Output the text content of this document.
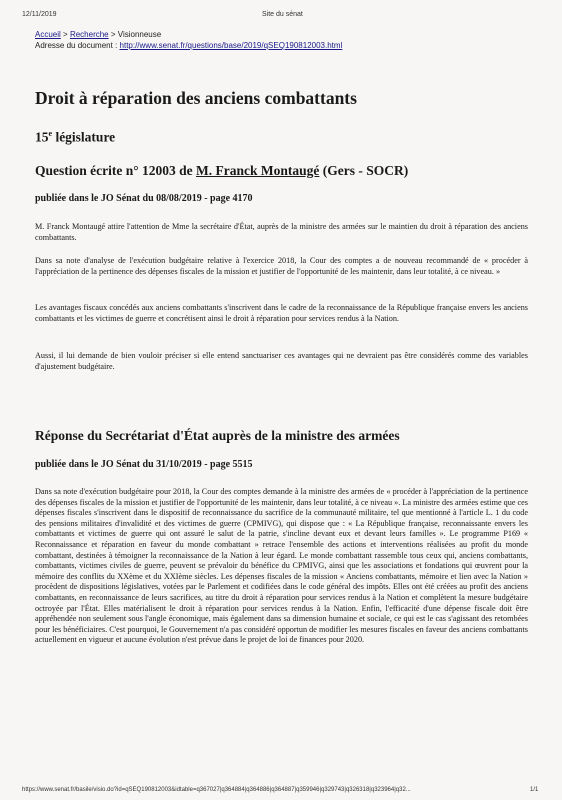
12/11/2019	Site du sénat
Accueil > Recherche > Visionneuse
Adresse du document : http://www.senat.fr/questions/base/2019/qSEQ190812003.html
Droit à réparation des anciens combattants
15e législature
Question écrite n° 12003 de M. Franck Montaugé (Gers - SOCR)
publiée dans le JO Sénat du 08/08/2019 - page 4170

M. Franck Montaugé attire l'attention de Mme la secrétaire d'État, auprès de la ministre des armées sur le maintien du droit à réparation des anciens combattants.

Dans sa note d'analyse de l'exécution budgétaire relative à l'exercice 2018, la Cour des comptes a de nouveau recommandé de « procéder à l'appréciation de la pertinence des dépenses fiscales de la mission et justifier de l'opportunité de les maintenir, dans leur totalité, à ce niveau. »

Les avantages fiscaux concédés aux anciens combattants s'inscrivent dans le cadre de la reconnaissance de la République française envers les anciens combattants et les victimes de guerre et concrétisent ainsi le droit à réparation pour services rendus à la Nation.

Aussi, il lui demande de bien vouloir préciser si elle entend sanctuariser ces avantages qui ne devraient pas être considérés comme des variables d'ajustement budgétaire.

Réponse du Secrétariat d'État auprès de la ministre des armées
publiée dans le JO Sénat du 31/10/2019 - page 5515

Dans sa note d'exécution budgétaire pour 2018, la Cour des comptes demande à la ministre des armées de « procéder à l'appréciation de la pertinence des dépenses fiscales de la mission et justifier de l'opportunité de les maintenir, dans leur totalité, à ce niveau ». La ministre des armées estime que ces dépenses fiscales s'inscrivent dans le dispositif de reconnaissance du sacrifice de la communauté militaire, tel que mentionné à l'article L. 1 du code des pensions militaires d'invalidité et des victimes de guerre (CPMIVG), qui dispose que : « La République française, reconnaissante envers les combattants et victimes de guerre qui ont assuré le salut de la patrie, s'incline devant eux et devant leurs familles ». Le programme P169 « Reconnaissance et réparation en faveur du monde combattant » retrace l'ensemble des actions et interventions réalisées au profit du monde combattant, destinées à témoigner la reconnaissance de la Nation à leur égard. Le monde combattant rassemble tous ceux qui, anciens combattants, combattants, victimes civiles de guerre, peuvent se prévaloir du bénéfice du CPMIVG, ainsi que les associations et fondations qui œuvrent pour la mémoire des conflits du XXème et du XXIème siècles. Les dépenses fiscales de la mission « Anciens combattants, mémoire et lien avec la Nation » procèdent de dispositions législatives, votées par le Parlement et codifiées dans le code général des impôts. Elles ont été créées au profit des anciens combattants, en reconnaissance de leurs sacrifices, au titre du droit à réparation pour services rendus à la Nation et complètent la mesure budgétaire octroyée par l'État. Elles matérialisent le droit à réparation pour services rendus à la Nation. Enfin, l'efficacité d'une dépense fiscale doit être appréhendée non seulement sous l'angle économique, mais également dans sa dimension humaine et sociale, ce qui est le cas s'agissant des retombées pour les bénéficiaires. C'est pourquoi, le Gouvernement n'a pas considéré opportun de modifier les mesures fiscales en faveur des anciens combattants actuellement en vigueur et aucune évolution n'est prévue dans le projet de loi de finances pour 2020.

https://www.senat.fr/basile/visio.do?id=qSEQ190812003&idtable=q367027|q364884|q364886|q364887|q359946|q329743|q326318|q323964|q32...	1/1
